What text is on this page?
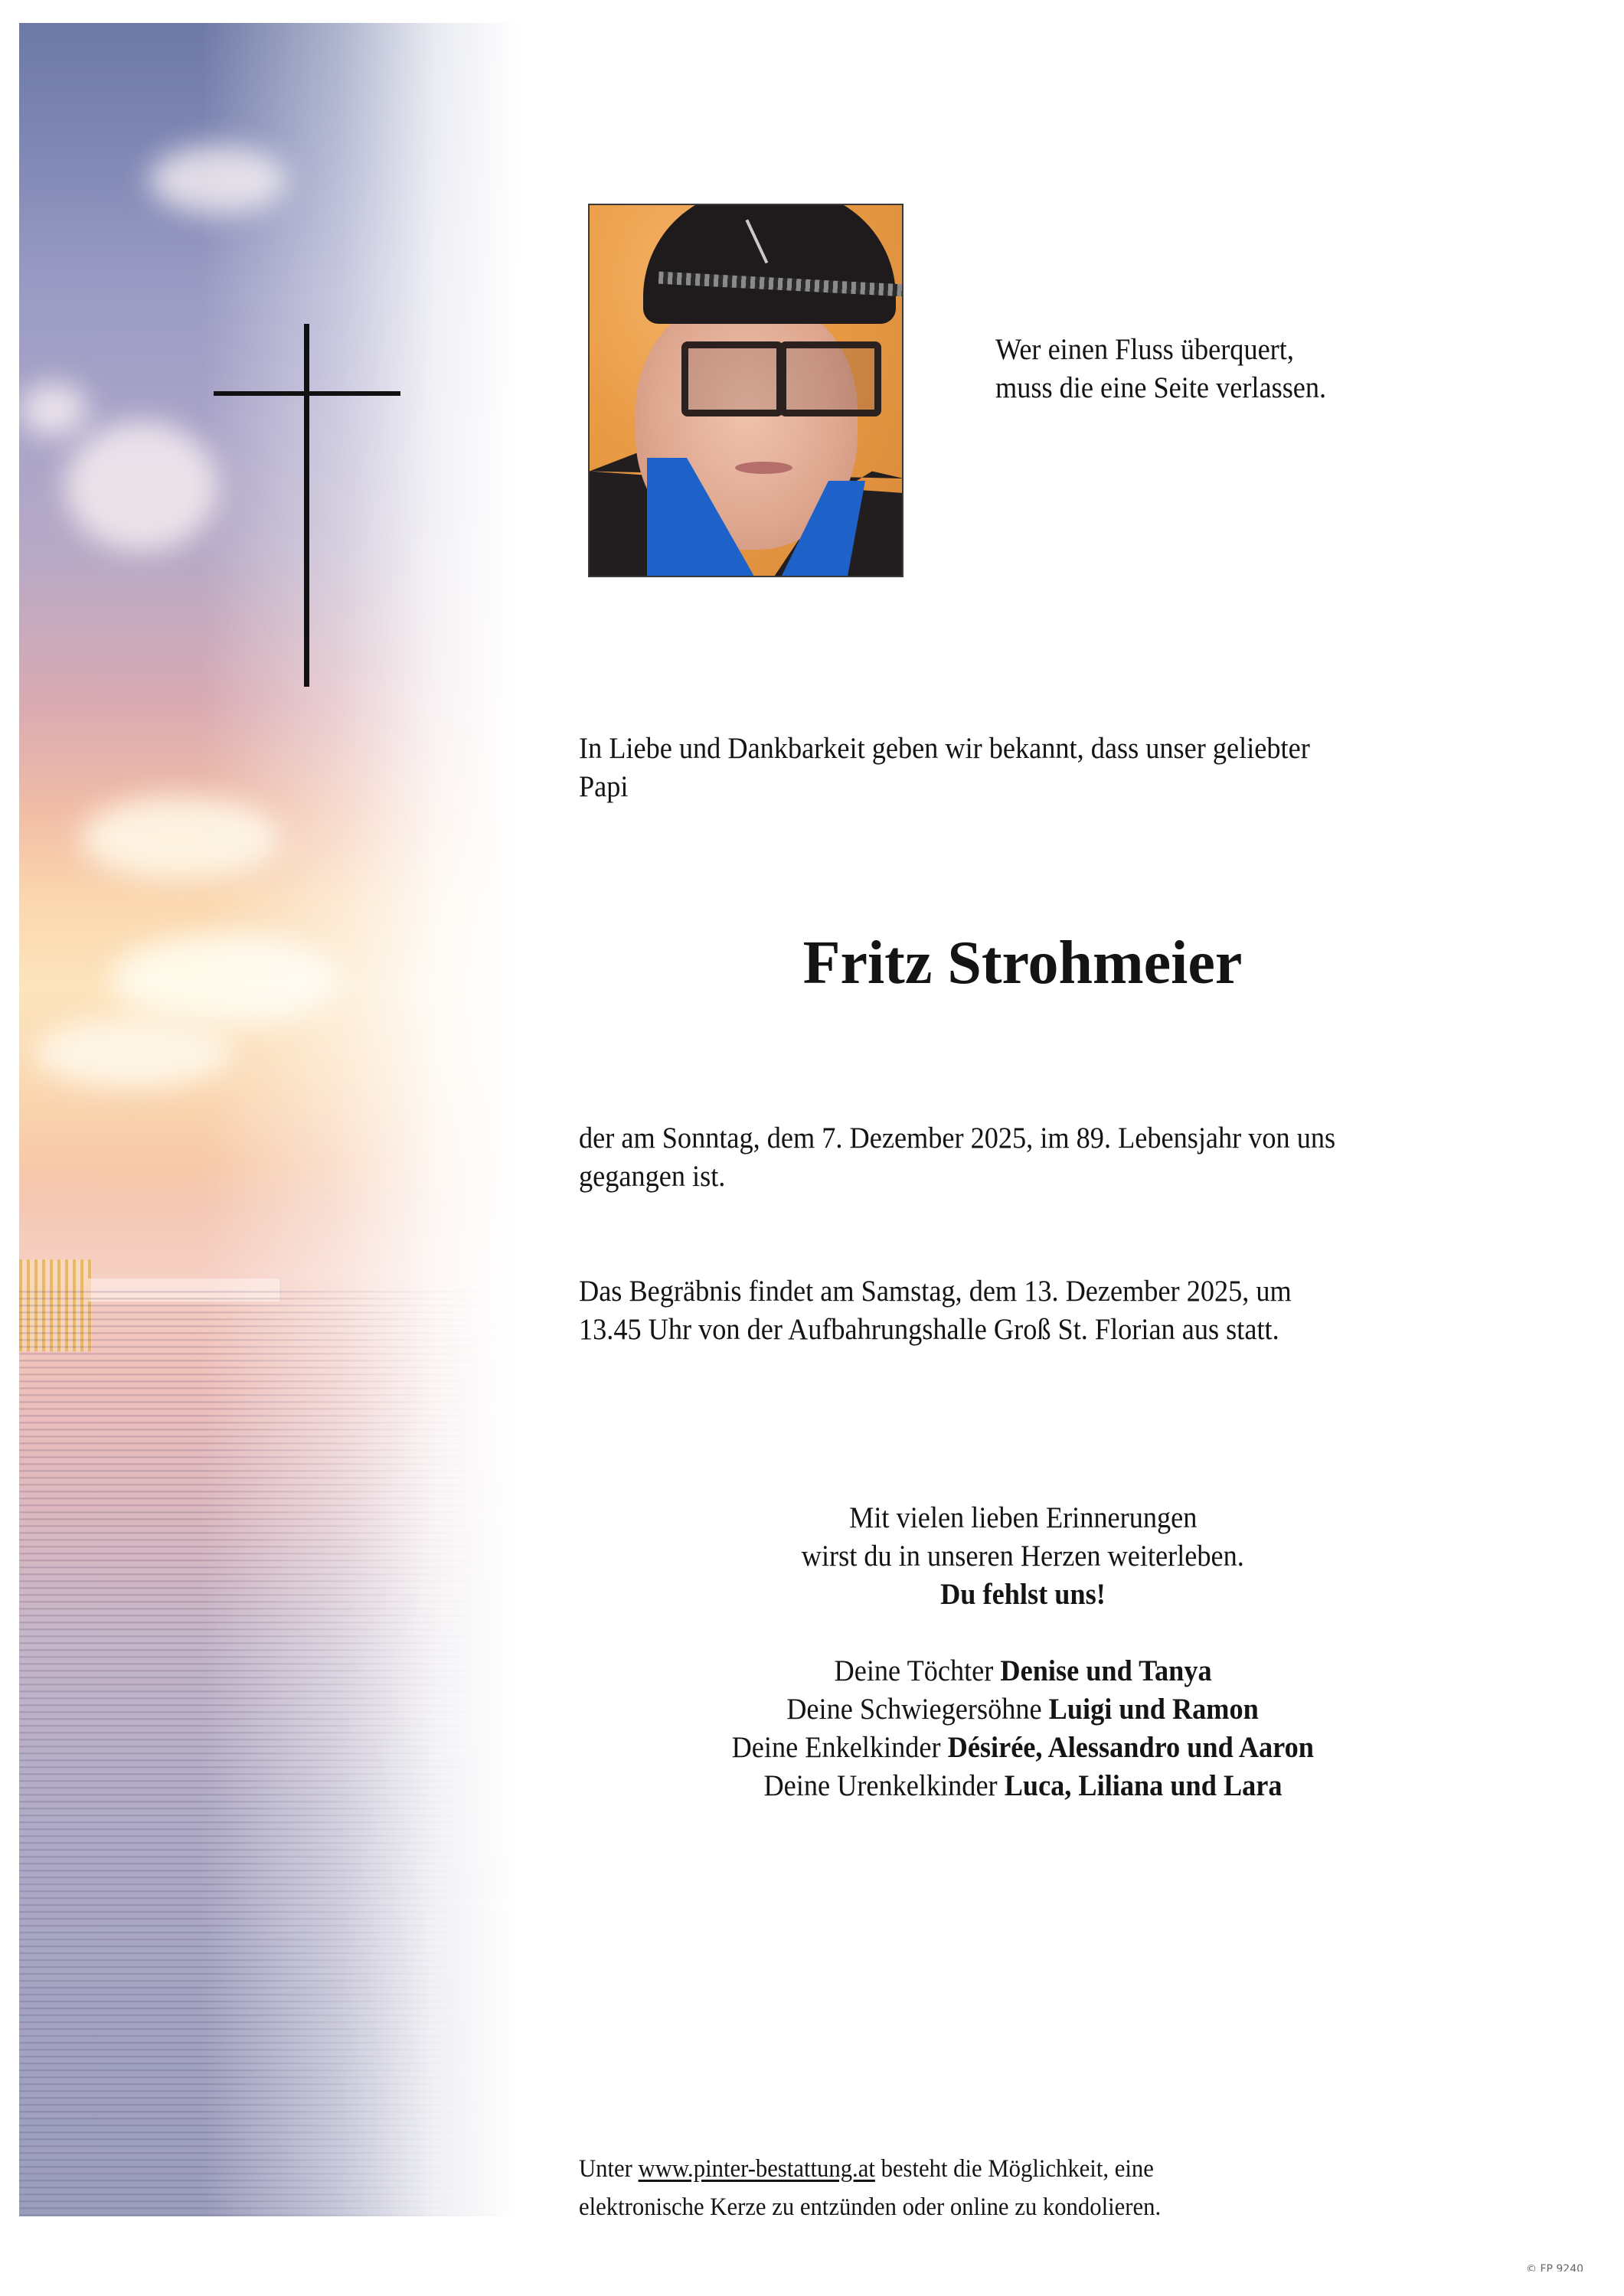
Wer einen Fluss überquert,

muss die eine Seite verlassen.

In Liebe und Dankbarkeit geben wir bekannt, dass unser geliebter

Papi

Fritz Strohmeier

der am Sonntag, dem 7. Dezember 2025, im 89. Lebensjahr von uns

gegangen ist.

Das Begräbnis findet am Samstag, dem 13. Dezember 2025, um

13.45 Uhr von der Aufbahrungshalle Groß St. Florian aus statt.

Mit vielen lieben Erinnerungen

wirst du in unseren Herzen weiterleben.

Du fehlst uns!

Deine Töchter Denise und Tanya

Deine Schwiegersöhne Luigi und Ramon

Deine Enkelkinder Désirée, Alessandro und Aaron

Deine Urenkelkinder Luca, Liliana und Lara

Unter www.pinter-bestattung.at besteht die Möglichkeit, eine

elektronische Kerze zu entzünden oder online zu kondolieren.

© FP 9240
